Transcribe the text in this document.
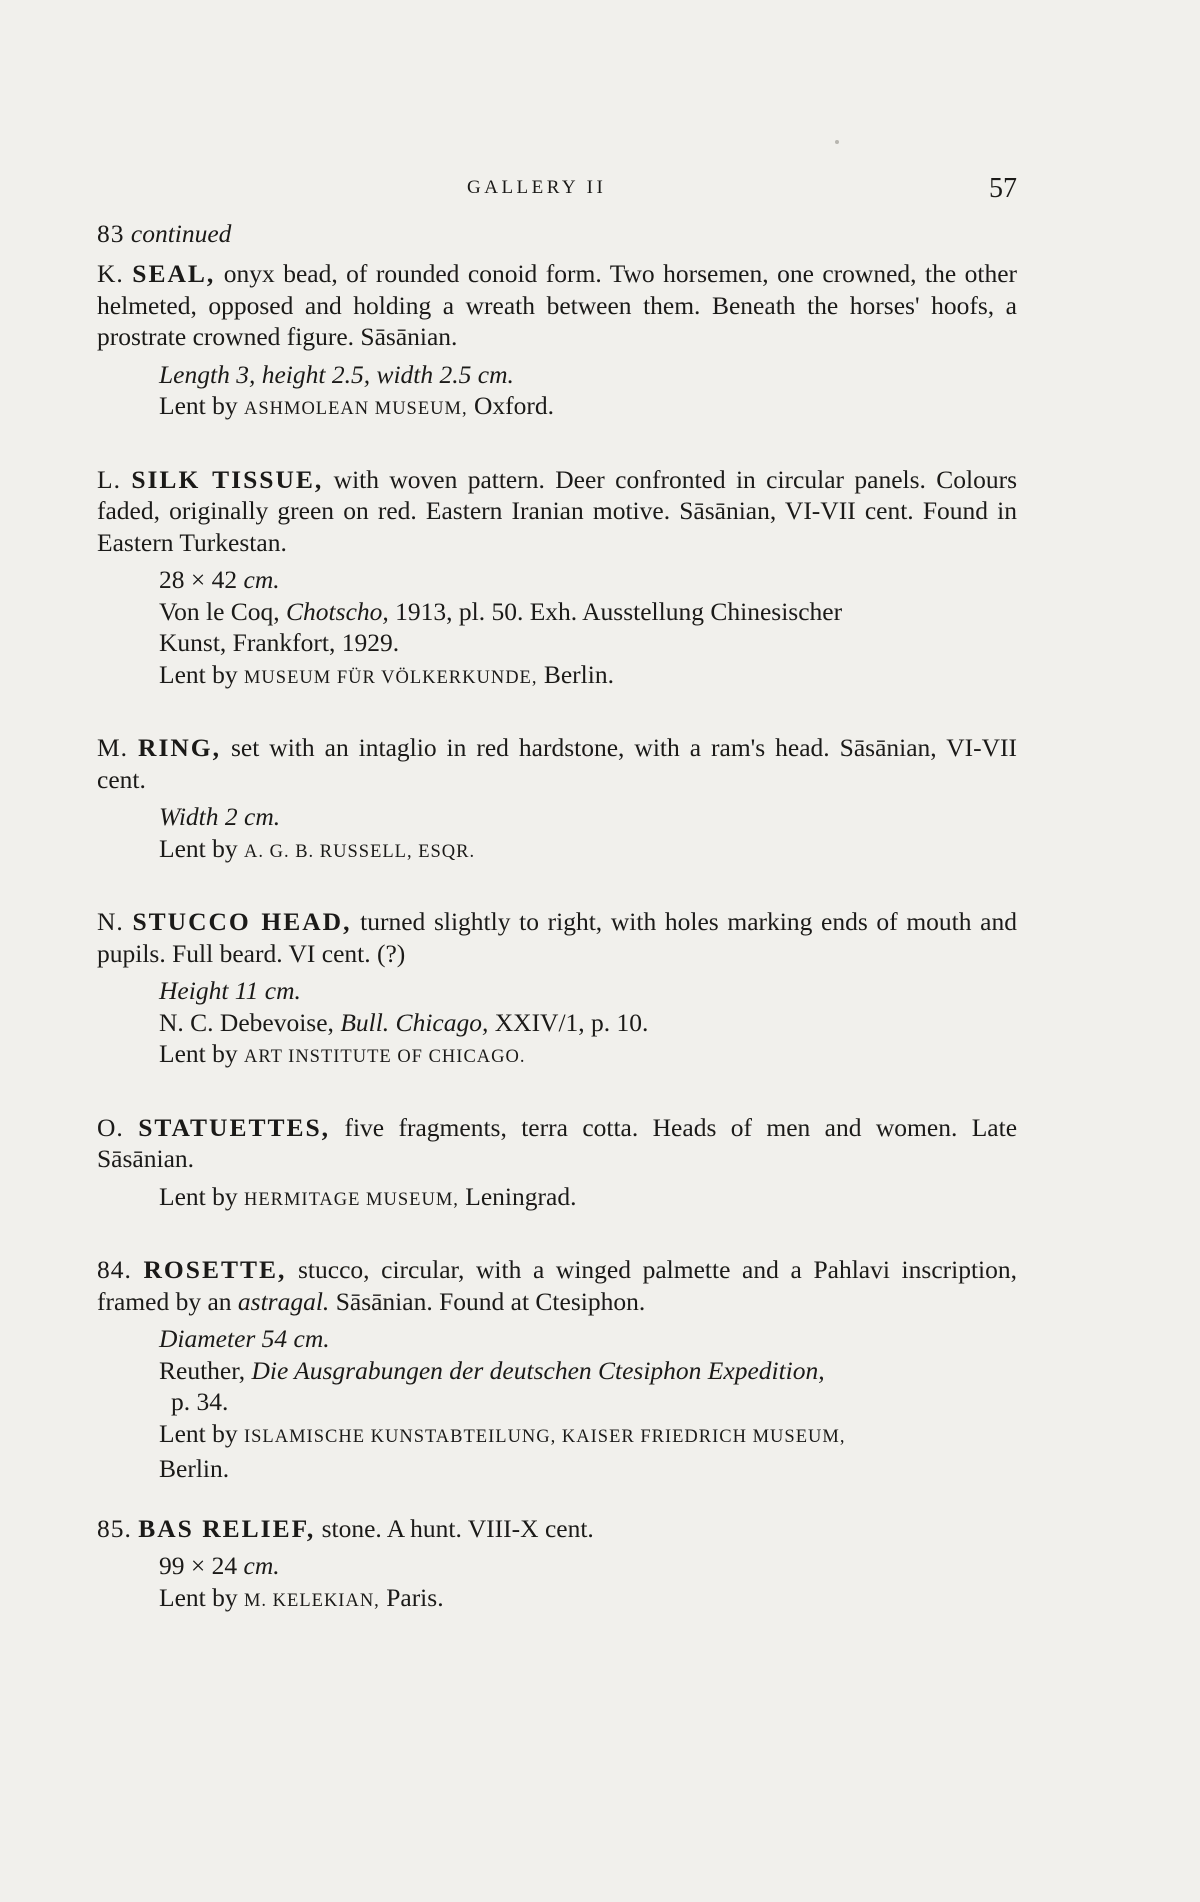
GALLERY II	57
83 continued

K. SEAL, onyx bead, of rounded conoid form. Two horsemen, one crowned, the other helmeted, opposed and holding a wreath between them. Beneath the horses' hoofs, a prostrate crowned figure. Sāsānian.

Length 3, height 2.5, width 2.5 cm.

Lent by ASHMOLEAN MUSEUM, Oxford.

L. SILK TISSUE, with woven pattern. Deer confronted in circular panels. Colours faded, originally green on red. Eastern Iranian motive. Sāsānian, VI-VII cent. Found in Eastern Turkestan.

28 × 42 cm.

Von le Coq, Chotscho, 1913, pl. 50. Exh. Ausstellung Chinesischer
Kunst, Frankfort, 1929.

Lent by MUSEUM FÜR VÖLKERKUNDE, Berlin.

M. RING, set with an intaglio in red hardstone, with a ram's head. Sāsānian, VI-VII cent.

Width 2 cm.

Lent by A. G. B. RUSSELL, ESQR.

N. STUCCO HEAD, turned slightly to right, with holes marking ends of mouth and pupils. Full beard. VI cent. (?)

Height 11 cm.

N. C. Debevoise, Bull. Chicago, XXIV/1, p. 10.

Lent by ART INSTITUTE OF CHICAGO.

O. STATUETTES, five fragments, terra cotta. Heads of men and women. Late Sāsānian.

Lent by HERMITAGE MUSEUM, Leningrad.

84. ROSETTE, stucco, circular, with a winged palmette and a Pahlavi inscription, framed by an astragal. Sāsānian. Found at Ctesiphon.

Diameter 54 cm.

Reuther, Die Ausgrabungen der deutschen Ctesiphon Expedition,
p. 34.

Lent by ISLAMISCHE KUNSTABTEILUNG, KAISER FRIEDRICH MUSEUM,
Berlin.

85. BAS RELIEF, stone. A hunt. VIII-X cent.

99 × 24 cm.

Lent by M. KELEKIAN, Paris.
